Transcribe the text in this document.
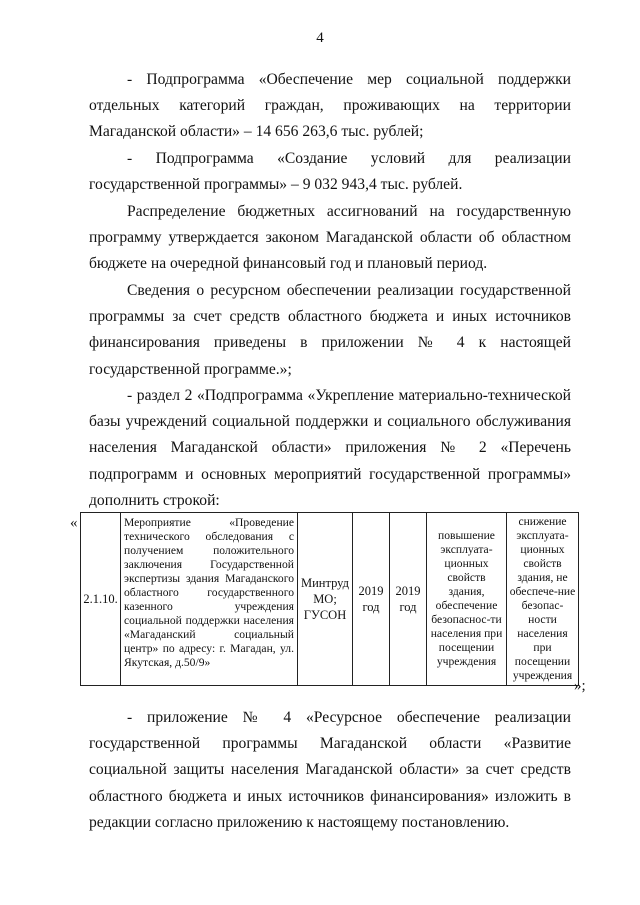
4
- Подпрограмма «Обеспечение мер социальной поддержки отдельных категорий граждан, проживающих на территории Магаданской области» – 14 656 263,6 тыс. рублей;
- Подпрограмма «Создание условий для реализации государственной программы» – 9 032 943,4 тыс. рублей.
Распределение бюджетных ассигнований на государственную программу утверждается законом Магаданской области об областном бюджете на очередной финансовый год и плановый период.
Сведения о ресурсном обеспечении реализации государственной программы за счет средств областного бюджета и иных источников финансирования приведены в приложении № 4 к настоящей государственной программе.»;
- раздел 2 «Подпрограмма «Укрепление материально-технической базы учреждений социальной поддержки и социального обслуживания населения Магаданской области» приложения № 2 «Перечень подпрограмм и основных мероприятий государственной программы» дополнить строкой:
«
2.1.10.	Мероприятие «Проведение технического обследования с получением положительного заключения Государственной экспертизы здания Магаданского областного государственного казенного учреждения социальной поддержки населения «Магаданский социальный центр» по адресу: г. Магадан, ул. Якутская, д.50/9»	Минтруд МО; ГУСОН	2019 год	2019 год	повышение эксплуата-ционных свойств здания, обеспечение безопаснос-ти населения при посещении учреждения	снижение эксплуата-ционных свойств здания, не обеспече-ние безопас-ности населения при посещении учреждения
»;
- приложение № 4 «Ресурсное обеспечение реализации государственной программы Магаданской области «Развитие социальной защиты населения Магаданской области» за счет средств областного бюджета и иных источников финансирования» изложить в редакции согласно приложению к настоящему постановлению.
